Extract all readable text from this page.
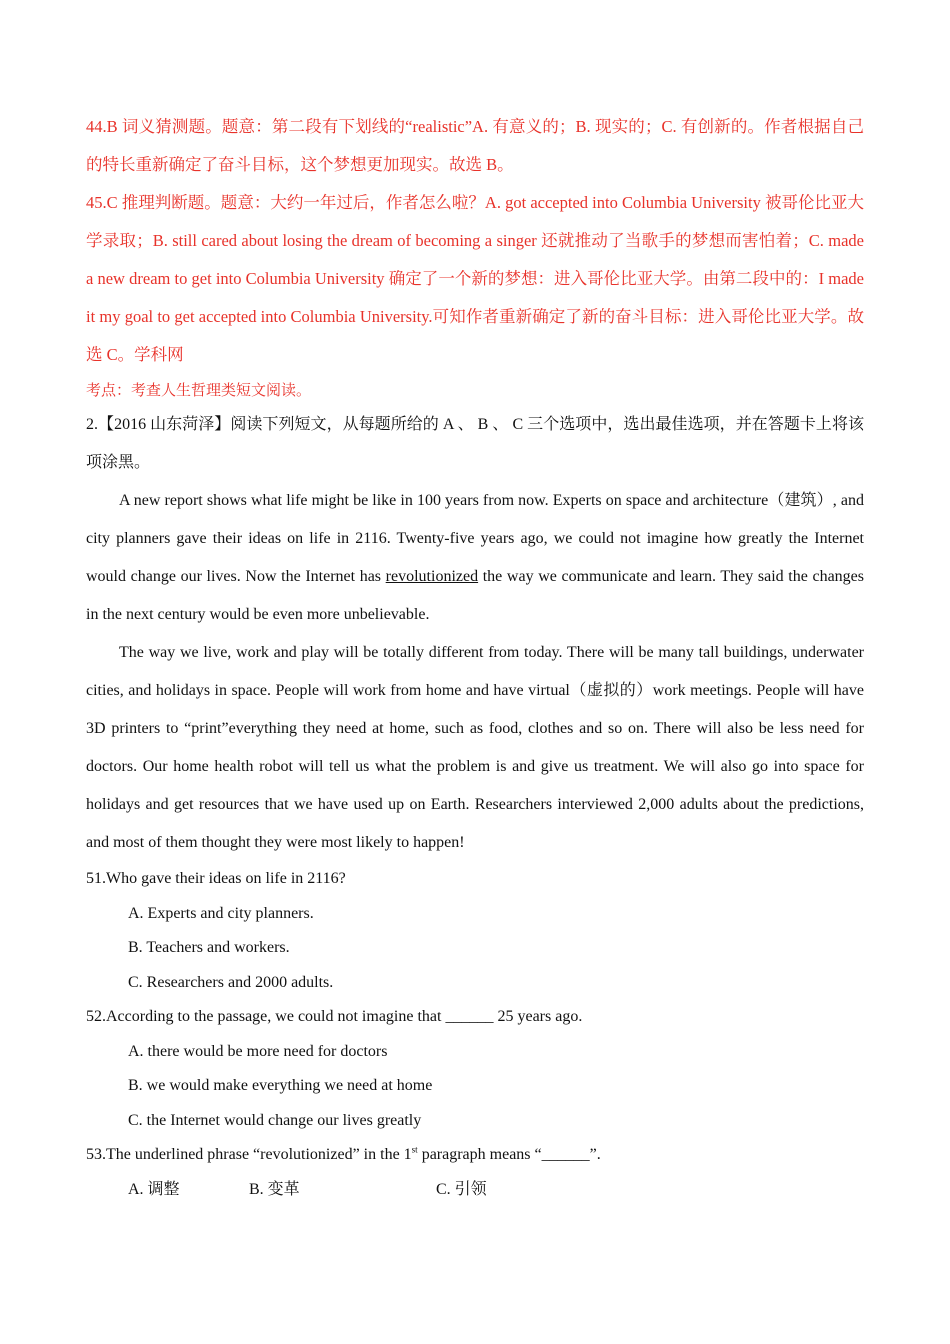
44.B 词义猜测题。题意：第二段有下划线的“realistic”A. 有意义的；B. 现实的；C. 有创新的。作者根据自己的特长重新确定了奋斗目标，这个梦想更加现实。故选 B。

45.C 推理判断题。题意：大约一年过后，作者怎么啦？A. got accepted into Columbia University 被哥伦比亚大学录取；B. still cared about losing the dream of becoming a singer 还就推动了当歌手的梦想而害怕着；C. made a new dream to get into Columbia University 确定了一个新的梦想：进入哥伦比亚大学。由第二段中的：I made it my goal to get accepted into Columbia University.可知作者重新确定了新的奋斗目标：进入哥伦比亚大学。故选 C。学科网

考点：考查人生哲理类短文阅读。

2.【2016 山东菏泽】阅读下列短文，从每题所给的 A 、 B 、 C 三个选项中，选出最佳选项，并在答题卡上将该项涂黑。

A new report shows what life might be like in 100 years from now. Experts on space and architecture（建筑）, and city planners gave their ideas on life in 2116. Twenty-five years ago, we could not imagine how greatly the Internet would change our lives. Now the Internet has revolutionized the way we communicate and learn. They said the changes in the next century would be even more unbelievable.

The way we live, work and play will be totally different from today. There will be many tall buildings, underwater cities, and holidays in space. People will work from home and have virtual（虚拟的）work meetings. People will have 3D printers to “print”everything they need at home, such as food, clothes and so on. There will also be less need for doctors. Our home health robot will tell us what the problem is and give us treatment. We will also go into space for holidays and get resources that we have used up on Earth. Researchers interviewed 2,000 adults about the predictions, and most of them thought they were most likely to happen!

51.Who gave their ideas on life in 2116?

A. Experts and city planners.

B. Teachers and workers.

C. Researchers and 2000 adults.

52.According to the passage, we could not imagine that ______ 25 years ago.

A. there would be more need for doctors

B. we would make everything we need at home

C. the Internet would change our lives greatly

53.The underlined phrase “revolutionized” in the 1st paragraph means “______”.

A. 调整	B. 变革	C. 引领
